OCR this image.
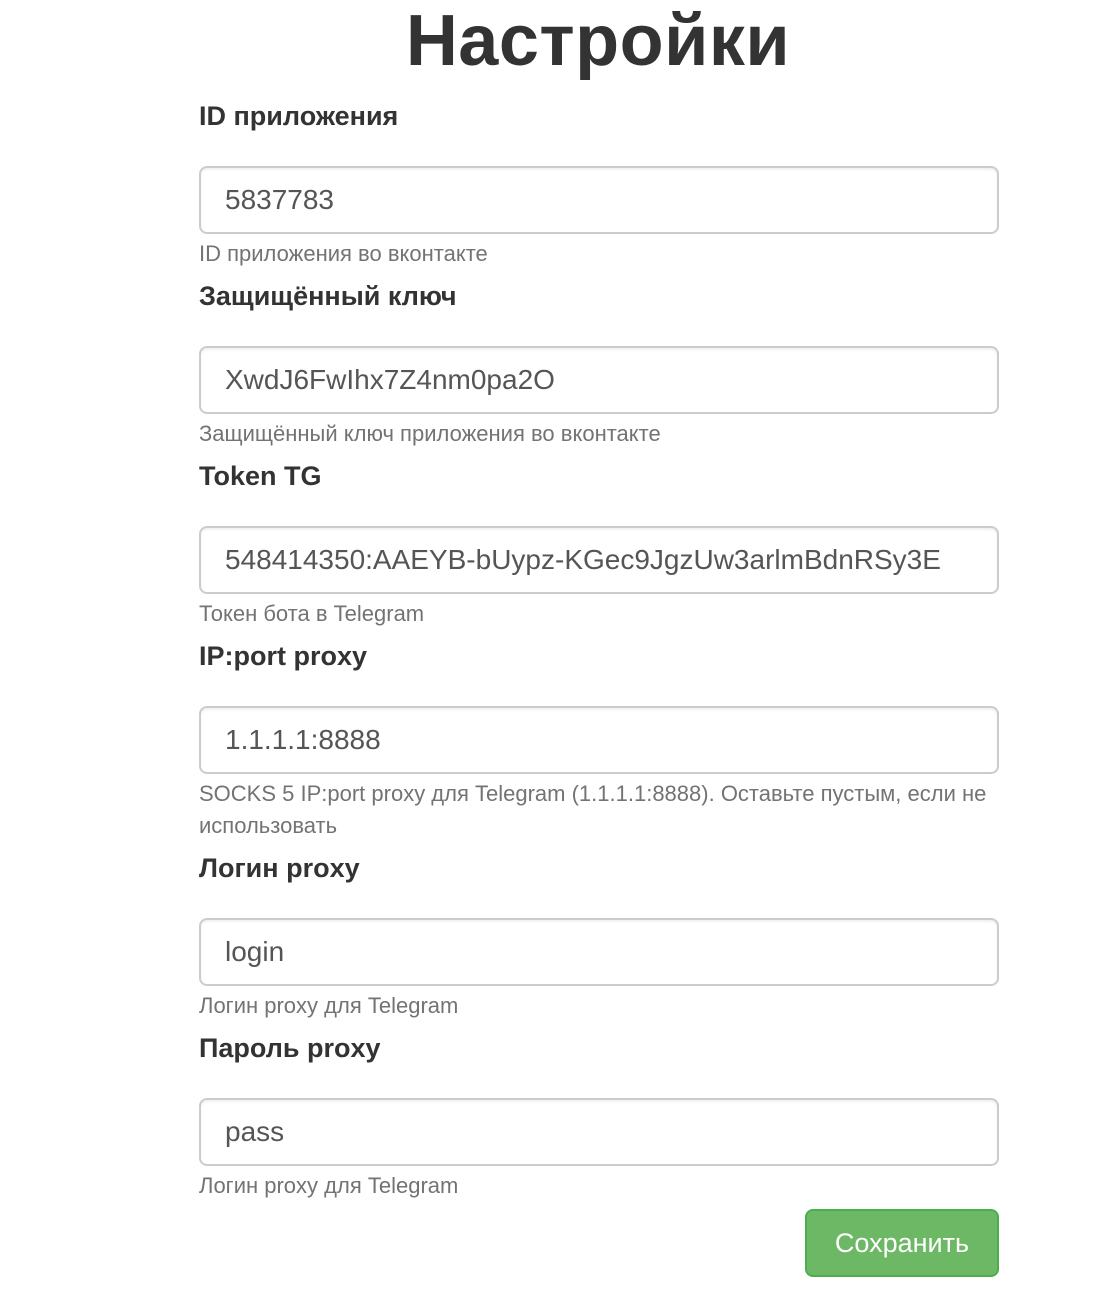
Настройки
ID приложения
5837783
ID приложения во вконтакте
Защищённый ключ
XwdJ6FwIhx7Z4nm0pa2O
Защищённый ключ приложения во вконтакте
Token TG
548414350:AAEYB-bUypz-KGec9JgzUw3arlmBdnRSy3E
Токен бота в Telegram
IP:port proxy
1.1.1.1:8888
SOCKS 5 IP:port proxy для Telegram (1.1.1.1:8888). Оставьте пустым, если не использовать
Логин proxy
login
Логин proxy для Telegram
Пароль proxy
pass
Логин proxy для Telegram
Сохранить
